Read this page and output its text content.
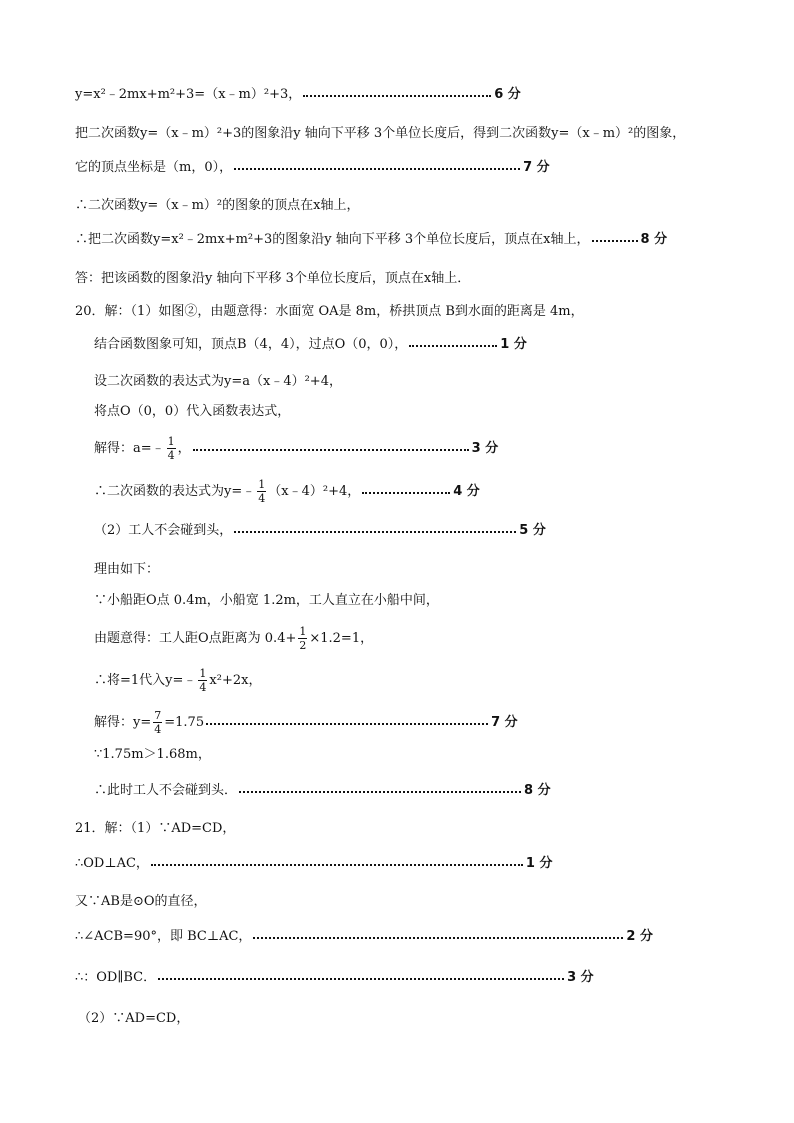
y=x²﹣2mx+m²+3=（x﹣m）²+3，	6 分
把二次函数y=（x﹣m）²+3的图象沿y 轴向下平移 3个单位长度后，得到二次函数y=（x﹣m）²的图象，
它的顶点坐标是（m，0），	7 分
∴二次函数y=（x﹣m）²的图象的顶点在x轴上，
∴把二次函数y=x²﹣2mx+m²+3的图象沿y 轴向下平移 3个单位长度后，顶点在x轴上，	8 分
答：把该函数的图象沿y 轴向下平移 3个单位长度后，顶点在x轴上．
20．解：（1）如图②，由题意得：水面宽 OA是 8m，桥拱顶点 B到水面的距离是 4m，
结合函数图象可知，顶点B（4，4），过点O（0，0），	1 分
设二次函数的表达式为y=a（x﹣4）²+4，
将点O（0，0）代入函数表达式，
解得：a=﹣ $\frac{1}{4}$ ，	3 分
∴二次函数的表达式为y=﹣ $\frac{1}{4}$ （x﹣4）²+4，	4 分
（2）工人不会碰到头，	5 分
理由如下：
∵小船距O点 0.4m，小船宽 1.2m，工人直立在小船中间，
由题意得：工人距O点距离为 $0.4+ \frac{1}{2} \times 1.2=1$，
∴将=1代入y=﹣ $\frac{1}{4} x^2+2x$，
解得：$y= \frac{7}{4} =1.75$	7 分
∵1.75m＞1.68m，
∴此时工人不会碰到头．	8 分
21．解：（1）∵AD=CD，
∴OD⊥AC，	1 分
又∵AB是⊙O的直径，
∴∠ACB=90°，即 BC⊥AC，	2 分
∴：OD∥BC．	3 分
（2）∵AD=CD，
